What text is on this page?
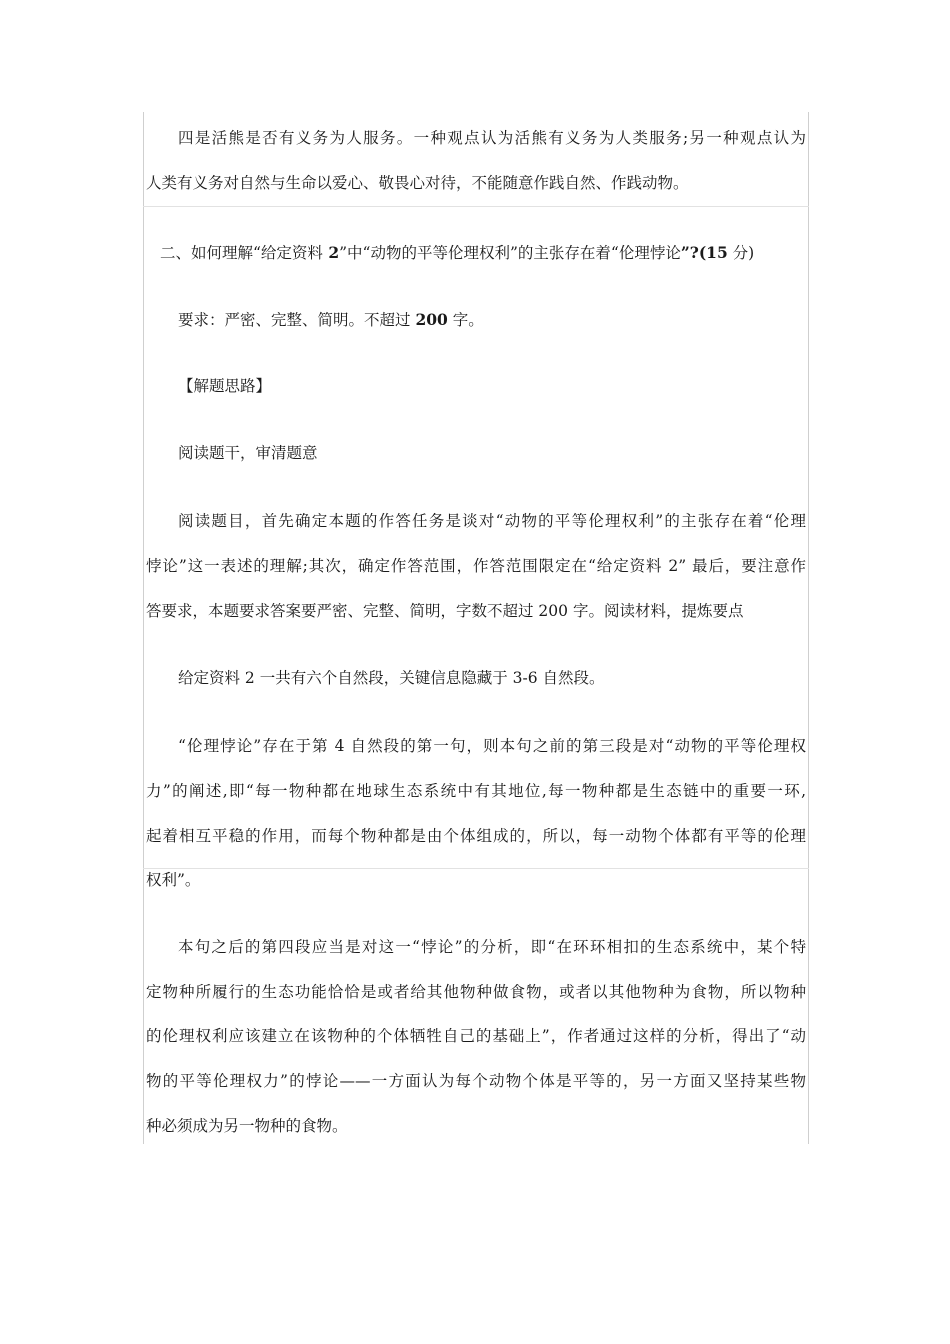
四是活熊是否有义务为人服务。一种观点认为活熊有义务为人类服务;另一种观点认为
人类有义务对自然与生命以爱心、敬畏心对待，不能随意作践自然、作践动物。
二、如何理解“给定资料 2”中“动物的平等伦理权利”的主张存在着“伦理悖论”?(15 分)
要求：严密、完整、简明。不超过 200 字。
【解题思路】
阅读题干，审清题意
阅读题目，首先确定本题的作答任务是谈对“动物的平等伦理权利”的主张存在着“伦理
悖论”这一表述的理解;其次，确定作答范围，作答范围限定在“给定资料 2” 最后，要注意作
答要求，本题要求答案要严密、完整、简明，字数不超过 200 字。阅读材料，提炼要点
给定资料 2 一共有六个自然段，关键信息隐藏于 3-6 自然段。
“伦理悖论”存在于第 4 自然段的第一句，则本句之前的第三段是对“动物的平等伦理权
力”的阐述,即“每一物种都在地球生态系统中有其地位,每一物种都是生态链中的重要一环,
起着相互平稳的作用，而每个物种都是由个体组成的，所以，每一动物个体都有平等的伦理
权利”。
本句之后的第四段应当是对这一“悖论”的分析，即“在环环相扣的生态系统中，某个特
定物种所履行的生态功能恰恰是或者给其他物种做食物，或者以其他物种为食物，所以物种
的伦理权利应该建立在该物种的个体牺牲自己的基础上”，作者通过这样的分析，得出了“动
物的平等伦理权力”的悖论——一方面认为每个动物个体是平等的，另一方面又坚持某些物
种必须成为另一物种的食物。
